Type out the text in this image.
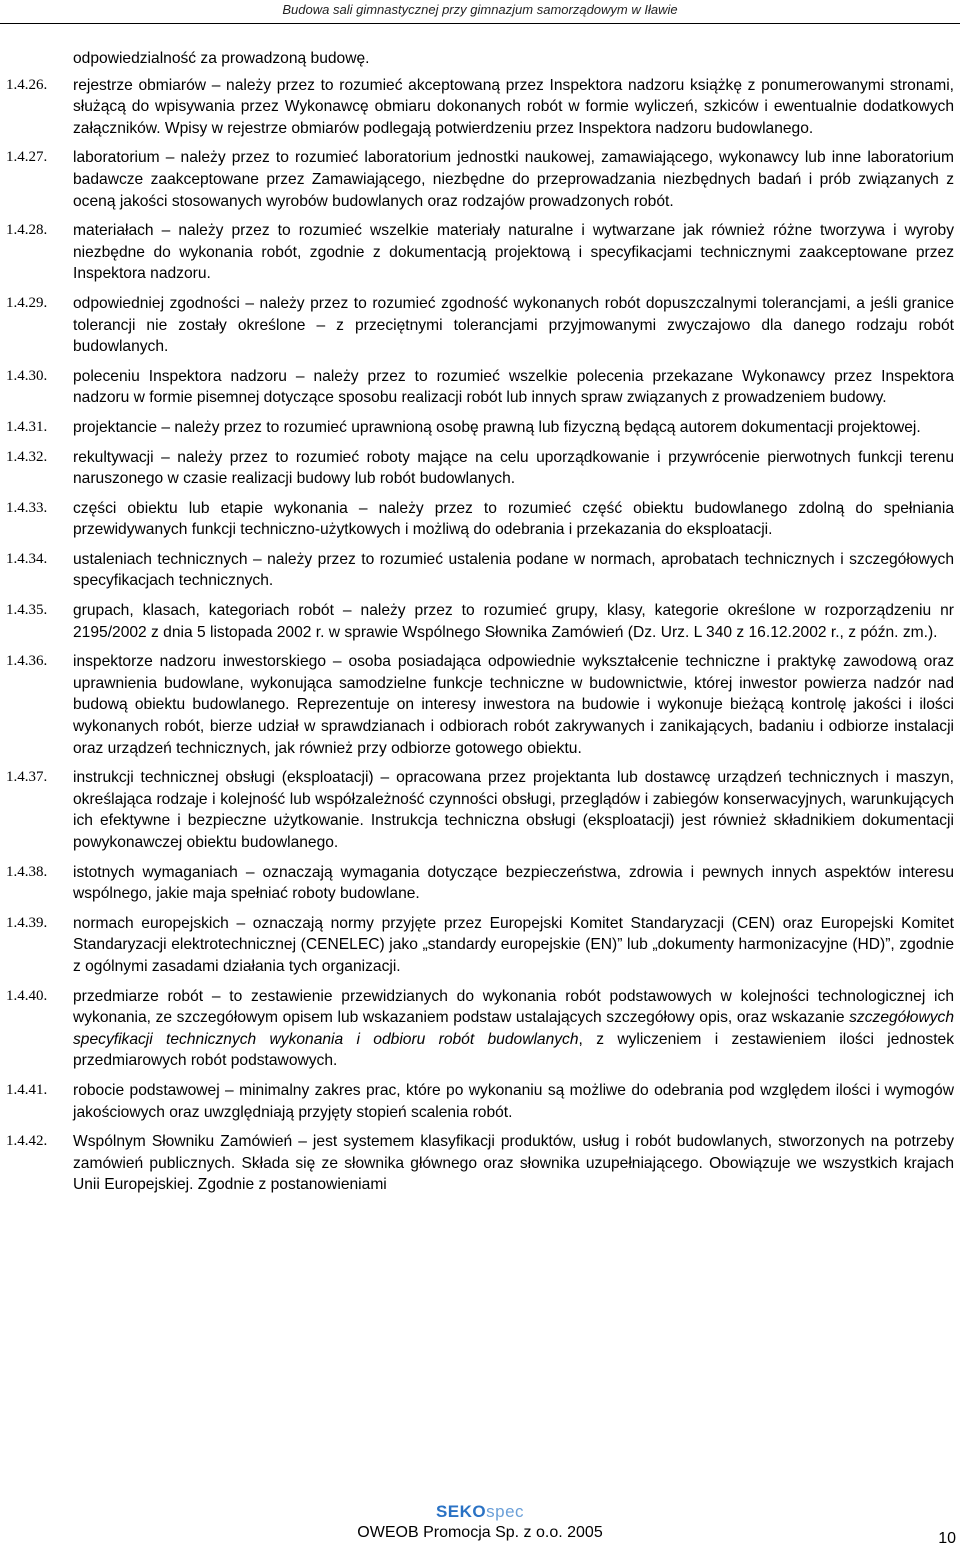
Budowa sali gimnastycznej przy gimnazjum samorządowym w Iławie
odpowiedzialność za prowadzoną budowę.
1.4.26.	rejestrze obmiarów – należy przez to rozumieć akceptowaną przez Inspektora nadzoru książkę z ponumerowanymi stronami, służącą do wpisywania przez Wykonawcę obmiaru dokonanych robót w formie wyliczeń, szkiców i ewentualnie dodatkowych załączników. Wpisy w rejestrze obmiarów podlegają potwierdzeniu przez Inspektora nadzoru budowlanego.
1.4.27.	laboratorium – należy przez to rozumieć laboratorium jednostki naukowej, zamawiającego, wykonawcy lub inne laboratorium badawcze zaakceptowane przez Zamawiającego, niezbędne do przeprowadzania niezbędnych badań i prób związanych z oceną jakości stosowanych wyrobów budowlanych oraz rodzajów prowadzonych robót.
1.4.28.	materiałach – należy przez to rozumieć wszelkie materiały naturalne i wytwarzane jak również różne tworzywa i wyroby niezbędne do wykonania robót, zgodnie z dokumentacją projektową i specyfikacjami technicznymi zaakceptowane przez Inspektora nadzoru.
1.4.29.	odpowiedniej zgodności – należy przez to rozumieć zgodność wykonanych robót dopuszczalnymi tolerancjami, a jeśli granice tolerancji nie zostały określone – z przeciętnymi tolerancjami przyjmowanymi zwyczajowo dla danego rodzaju robót budowlanych.
1.4.30.	poleceniu Inspektora nadzoru – należy przez to rozumieć wszelkie polecenia przekazane Wykonawcy przez Inspektora nadzoru w formie pisemnej dotyczące sposobu realizacji robót lub innych spraw związanych z prowadzeniem budowy.
1.4.31.	projektancie – należy przez to rozumieć uprawnioną osobę prawną lub fizyczną będącą autorem dokumentacji projektowej.
1.4.32.	rekultywacji – należy przez to rozumieć roboty mające na celu uporządkowanie i przywrócenie pierwotnych funkcji terenu naruszonego w czasie realizacji budowy lub robót budowlanych.
1.4.33.	części obiektu lub etapie wykonania – należy przez to rozumieć część obiektu budowlanego zdolną do spełniania przewidywanych funkcji techniczno-użytkowych i możliwą do odebrania i przekazania do eksploatacji.
1.4.34.	ustaleniach technicznych – należy przez to rozumieć ustalenia podane w normach, aprobatach technicznych i szczegółowych specyfikacjach technicznych.
1.4.35.	grupach, klasach, kategoriach robót – należy przez to rozumieć grupy, klasy, kategorie określone w rozporządzeniu nr 2195/2002 z dnia 5 listopada 2002 r. w sprawie Wspólnego Słownika Zamówień (Dz. Urz. L 340 z 16.12.2002 r., z późn. zm.).
1.4.36.	inspektorze nadzoru inwestorskiego – osoba posiadająca odpowiednie wykształcenie techniczne i praktykę zawodową oraz uprawnienia budowlane, wykonująca samodzielne funkcje techniczne w budownictwie, której inwestor powierza nadzór nad budową obiektu budowlanego. Reprezentuje on interesy inwestora na budowie i wykonuje bieżącą kontrolę jakości i ilości wykonanych robót, bierze udział w sprawdzianach i odbiorach robót zakrywanych i zanikających, badaniu i odbiorze instalacji oraz urządzeń technicznych, jak również przy odbiorze gotowego obiektu.
1.4.37.	instrukcji technicznej obsługi (eksploatacji) – opracowana przez projektanta lub dostawcę urządzeń technicznych i maszyn, określająca rodzaje i kolejność lub współzależność czynności obsługi, przeglądów i zabiegów konserwacyjnych, warunkujących ich efektywne i bezpieczne użytkowanie. Instrukcja techniczna obsługi (eksploatacji) jest również składnikiem dokumentacji powykonawczej obiektu budowlanego.
1.4.38.	istotnych wymaganiach – oznaczają wymagania dotyczące bezpieczeństwa, zdrowia i pewnych innych aspektów interesu wspólnego, jakie maja spełniać roboty budowlane.
1.4.39.	normach europejskich – oznaczają normy przyjęte przez Europejski Komitet Standaryzacji (CEN) oraz Europejski Komitet Standaryzacji elektrotechnicznej (CENELEC) jako „standardy europejskie (EN)” lub „dokumenty harmonizacyjne (HD)”, zgodnie z ogólnymi zasadami działania tych organizacji.
1.4.40.	przedmiarze robót – to zestawienie przewidzianych do wykonania robót podstawowych w kolejności technologicznej ich wykonania, ze szczegółowym opisem lub wskazaniem podstaw ustalających szczegółowy opis, oraz wskazanie szczegółowych specyfikacji technicznych wykonania i odbioru robót budowlanych, z wyliczeniem i zestawieniem ilości jednostek przedmiarowych robót podstawowych.
1.4.41.	robocie podstawowej – minimalny zakres prac, które po wykonaniu są możliwe do odebrania pod względem ilości i wymogów jakościowych oraz uwzględniają przyjęty stopień scalenia robót.
1.4.42.	Wspólnym Słowniku Zamówień – jest systemem klasyfikacji produktów, usług i robót budowlanych, stworzonych na potrzeby zamówień publicznych. Składa się ze słownika głównego oraz słownika uzupełniającego. Obowiązuje we wszystkich krajach Unii Europejskiej. Zgodnie z postanowieniami
SEKOspec
OWEOB Promocja Sp. z o.o. 2005	10
